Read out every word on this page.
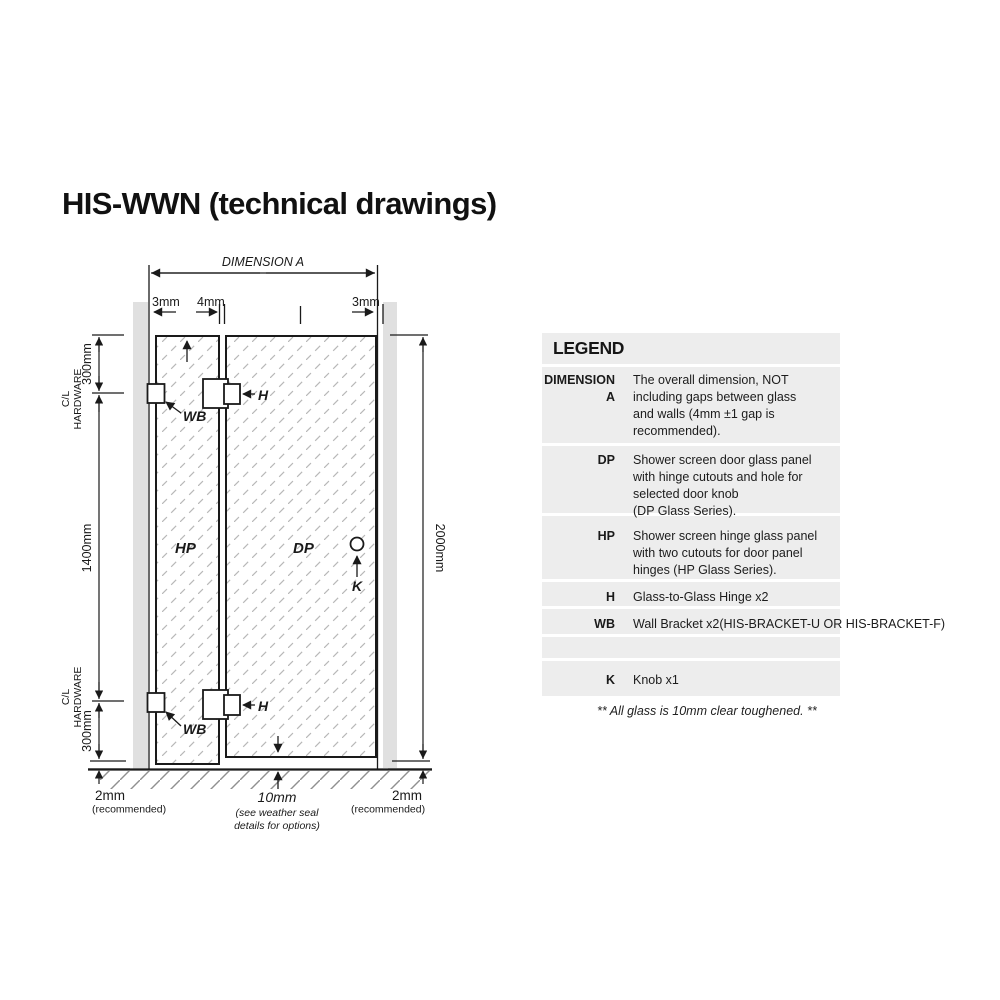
HIS-WWN (technical drawings)
DIMENSION A
3mm 4mm	3mm
300mm
C/L HARDWARE
1400mm
C/L HARDWARE
300mm
2000mm
WB
WB
H
H
K
HP	DP
2mm
(recommended)
10mm
(see weather seal
details for options)
2mm
(recommended)
LEGEND
DIMENSION A
The overall dimension, NOT
including gaps between glass
and walls (4mm ±1 gap is
recommended).
DP	Shower screen door glass panel
with hinge cutouts and hole for
selected door knob
(DP Glass Series).
HP	Shower screen hinge glass panel
with two cutouts for door panel
hinges (HP Glass Series).
H	Glass-to-Glass Hinge x2
WB	Wall Bracket x2(HIS-BRACKET-U OR HIS-BRACKET-F)
K	Knob x1
** All glass is 10mm clear toughened. **
